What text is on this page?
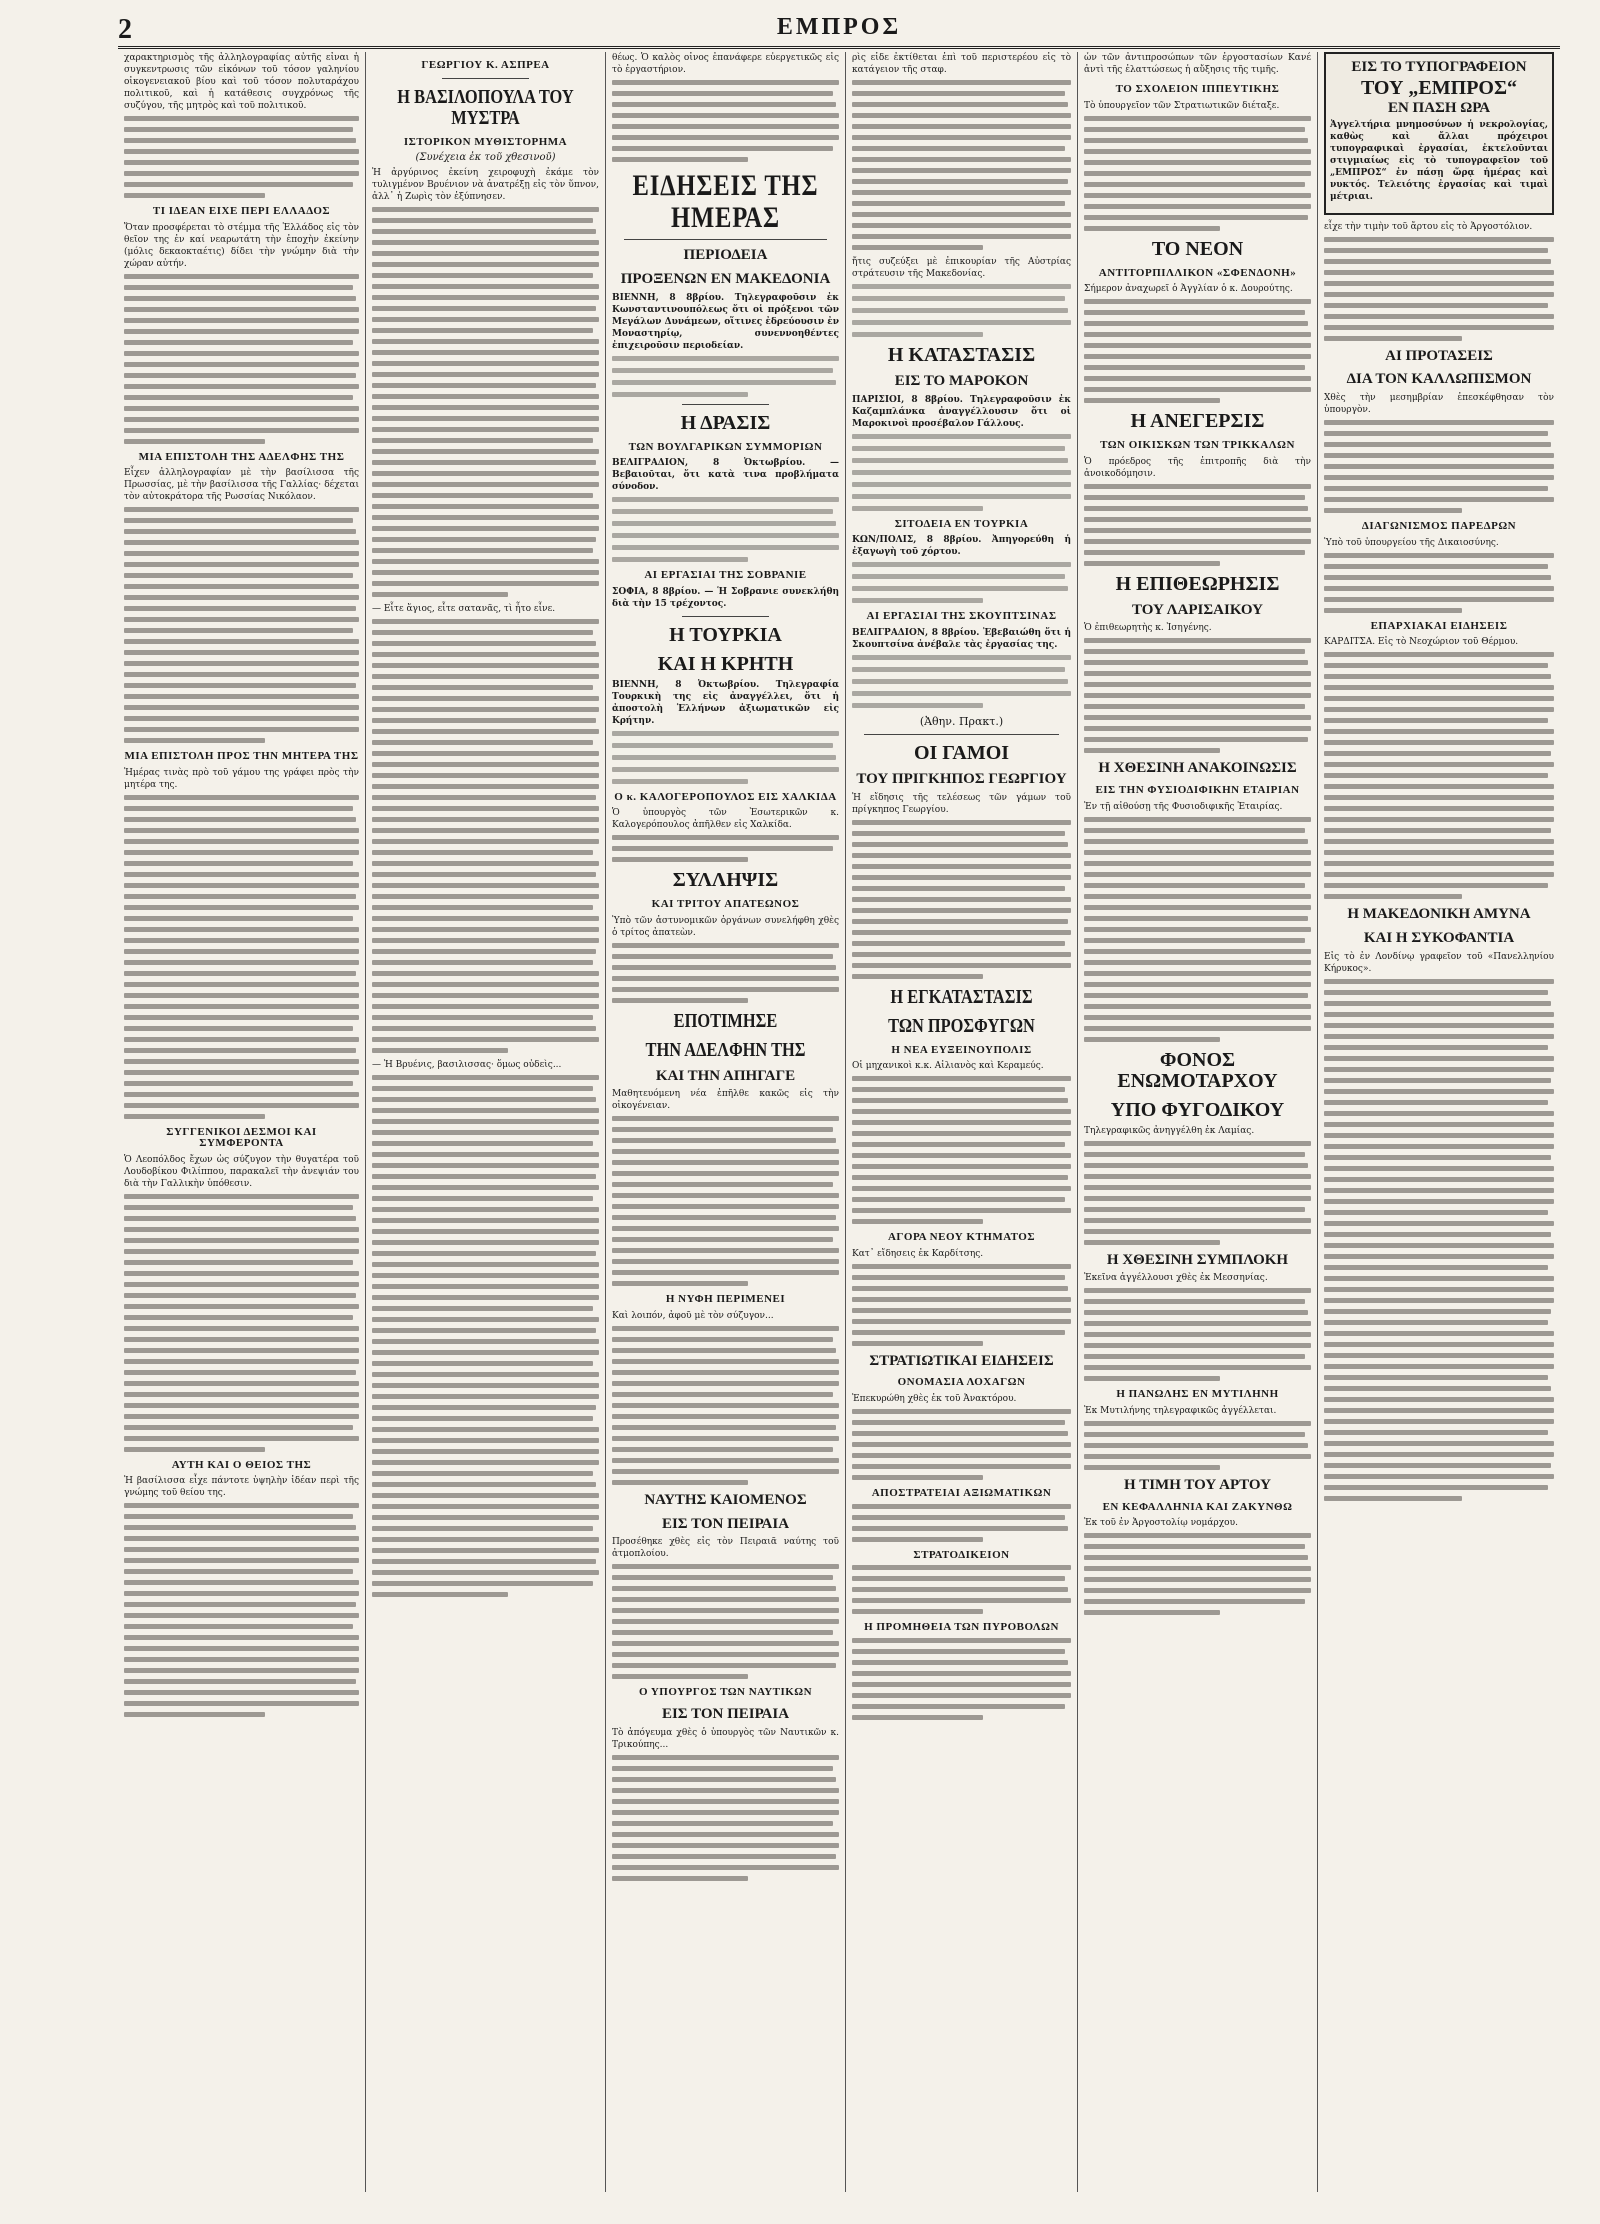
2	ΕΜΠΡΟΣ

χαρακτηρισμὸς τῆς ἀλληλογραφίας αὐτῆς εἶναι ἡ συγκεντρωσις τῶν εἰκόνων τοῦ τόσον γαληνίου οἰκογενειακοῦ βίου καὶ τοῦ τόσον πολυταράχου πολιτικοῦ, καὶ ἡ κατάθεσις συγχρόνως τῆς συζύγου, τῆς μητρὸς καὶ τοῦ πολιτικοῦ.

ΤΙ ΙΔΕΑΝ ΕΙΧΕ ΠΕΡΙ ΕΛΛΑΔΟΣ

Ὅταν προσφέρεται τὸ στέμμα τῆς Ἑλλάδος εἰς τὸν θεῖον της ἐν καί νεαρωτάτη τὴν ἐποχὴν ἐκείνην (μόλις δεκαοκταέτις) δίδει τὴν γνώμην διὰ τὴν χώραν αὐτήν.

ΜΙΑ ΕΠΙΣΤΟΛΗ ΤΗΣ ΑΔΕΛΦΗΣ ΤΗΣ

Εἶχεν ἀλληλογραφίαν μὲ τὴν βασίλισσα τῆς Πρωσσίας, μὲ τὴν βασίλισσα τῆς Γαλλίας· δέχεται τὸν αὐτοκράτορα τῆς Ρωσσίας Νικόλαον.

ΜΙΑ ΕΠΙΣΤΟΛΗ ΠΡΟΣ ΤΗΝ ΜΗΤΕΡΑ ΤΗΣ

Ἡμέρας τινὰς πρὸ τοῦ γάμου της γράφει πρὸς τὴν μητέρα της.

ΣΥΓΓΕΝΙΚΟΙ ΔΕΣΜΟΙ ΚΑΙ ΣΥΜΦΕΡΟΝΤΑ

Ὁ Λεοπόλδος ἔχων ὡς σύζυγον τὴν θυγατέρα τοῦ Λουδοβίκου Φιλίππου, παρακαλεῖ τὴν ἀνεψιάν του διὰ τὴν Γαλλικὴν ὑπόθεσιν.

ΑΥΤΗ ΚΑΙ Ο ΘΕΙΟΣ ΤΗΣ

Ἡ βασίλισσα εἶχε πάντοτε ὑψηλὴν ἰδέαν περὶ τῆς γνώμης τοῦ θείου της.

ΓΕΩΡΓΙΟΥ Κ. ΑΣΠΡΕΑ
Η ΒΑΣΙΛΟΠΟΥΛΑ ΤΟΥ ΜΥΣΤΡΑ
ΙΣΤΟΡΙΚΟΝ ΜΥΘΙΣΤΟΡΗΜΑ
(Συνέχεια ἐκ τοῦ χθεσινοῦ)

Ἡ ἀργύρινος ἐκείνη χειροφυχὴ ἐκάμε τὸν τυλιγμένον Βρυένιον νὰ ἀνατρέξῃ εἰς τὸν ὕπνον, ἀλλ᾽ ἡ Ζωρὶς τὸν ἐξύπνησεν.

— Εἶτε ἅγιος, εἶτε σατανᾶς, τὶ ἦτο εἶνε.

— Ἡ Βρυένις, βασιλισσας· ὅμως οὐδεὶς...

θέως. Ὁ καλὸς οἶνος ἐπανάφερε εὐεργετικῶς εἰς τὸ ἐργαστήριον.

ΕΙΔΗΣΕΙΣ ΤΗΣ ΗΜΕΡΑΣ
ΠΕΡΙΟΔΕΙΑ
ΠΡΟΞΕΝΩΝ ΕΝ ΜΑΚΕΔΟΝΙΑ

ΒΙΕΝΝΗ, 8 8βρίου. Τηλεγραφοῦσιν ἐκ Κωνσταντινουπόλεως ὅτι οἱ πρόξενοι τῶν Μεγάλων Δυνάμεων, οἵτινες ἐδρεύουσιν ἐν Μοναστηρίῳ, συνεννοηθέντες ἐπιχειροῦσιν περιοδείαν.

Η ΔΡΑΣΙΣ
ΤΩΝ ΒΟΥΛΓΑΡΙΚΩΝ ΣΥΜΜΟΡΙΩΝ

ΒΕΛΙΓΡΑΔΙΟΝ, 8 Ὀκτωβρίου. — Βεβαιοῦται, ὅτι κατὰ τινα προβλήματα σύνοδον.

ΑΙ ΕΡΓΑΣΙΑΙ ΤΗΣ ΣΟΒΡΑΝΙΕ

ΣΟΦΙΑ, 8 8βρίου. — Ἡ Σοβρανιε συνεκλήθη διὰ τὴν 15 τρέχοντος.

Η ΤΟΥΡΚΙΑ
ΚΑΙ Η ΚΡΗΤΗ

ΒΙΕΝΝΗ, 8 Ὀκτωβρίου. Τηλεγραφία Τουρκικὴ της εἰς ἀναγγέλλει, ὅτι ἡ ἀποστολὴ Ἑλλήνων ἀξιωματικῶν εἰς Κρήτην.

Ο κ. ΚΑΛΟΓΕΡΟΠΟΥΛΟΣ ΕΙΣ ΧΑΛΚΙΔΑ

Ὁ ὑπουργὸς τῶν Ἐσωτερικῶν κ. Καλογερόπουλος ἀπῆλθεν εἰς Χαλκίδα.

ΣΥΛΛΗΨΙΣ
ΚΑΙ ΤΡΙΤΟΥ ΑΠΑΤΕΩΝΟΣ

Ὑπὸ τῶν ἀστυνομικῶν ὀργάνων συνελήφθη χθὲς ὁ τρίτος ἀπατεὼν.

ΕΠΟΤΙΜΗΣΕ
ΤΗΝ ΑΔΕΛΦΗΝ ΤΗΣ
ΚΑΙ ΤΗΝ ΑΠΗΓΑΓΕ

Μαθητευόμενη νέα ἐπῆλθε κακῶς εἰς τὴν οἰκογένειαν.

Η ΝΥΦΗ ΠΕΡΙΜΕΝΕΙ

Καὶ λοιπόν, ἀφοῦ μὲ τὸν σύζυγον...

ΝΑΥΤΗΣ ΚΑΙΟΜΕΝΟΣ
ΕΙΣ ΤΟΝ ΠΕΙΡΑΙΑ

Προσέθηκε χθὲς εἰς τὸν Πειραιᾶ ναύτης τοῦ ἀτμοπλοίου.

Ο ΥΠΟΥΡΓΟΣ ΤΩΝ ΝΑΥΤΙΚΩΝ
ΕΙΣ ΤΟΝ ΠΕΙΡΑΙΑ

Τὸ ἀπόγευμα χθὲς ὁ ὑπουργὸς τῶν Ναυτικῶν κ. Τρικούπης...

ρὶς εἶδε ἐκτίθεται ἐπὶ τοῦ περιστερέου εἰς τὸ κατάγειον τῆς σταφ.

ἤτις συζεύξει μὲ ἐπικουρίαν τῆς Αὐστρίας στράτευσιν τῆς Μακεδονίας.

Η ΚΑΤΑΣΤΑΣΙΣ
ΕΙΣ ΤΟ ΜΑΡΟΚΟΝ

ΠΑΡΙΣΙΟΙ, 8 8βρίου. Τηλεγραφοῦσιν ἐκ Καζαμπλάνκα ἀναγγέλλουσιν ὅτι οἱ Μαροκινοὶ προσέβαλον Γάλλους.

ΣΙΤΟΔΕΙΑ ΕΝ ΤΟΥΡΚΙΑ

ΚΩΝ/ΠΟΛΙΣ, 8 8βρίου. Ἀπηγορεύθη ἡ ἐξαγωγὴ τοῦ χόρτου.

ΑΙ ΕΡΓΑΣΙΑΙ ΤΗΣ ΣΚΟΥΠΤΣΙΝΑΣ

ΒΕΛΙΓΡΑΔΙΟΝ, 8 8βρίου. Ἐβεβαιώθη ὅτι ἡ Σκουπτσίνα ἀνέβαλε τὰς ἐργασίας της.

(Ἀθην. Πρακτ.)
ΟΙ ΓΑΜΟΙ
ΤΟΥ ΠΡΙΓΚΗΠΟΣ ΓΕΩΡΓΙΟΥ

Ἡ εἴδησις τῆς τελέσεως τῶν γάμων τοῦ πρίγκηπος Γεωργίου.

Η ΕΓΚΑΤΑΣΤΑΣΙΣ
ΤΩΝ ΠΡΟΣΦΥΓΩΝ
Η ΝΕΑ ΕΥΞΕΙΝΟΥΠΟΛΙΣ

Οἱ μηχανικοὶ κ.κ. Αἰλιανὸς καὶ Κεραμεύς.

ΑΓΟΡΑ ΝΕΟΥ ΚΤΗΜΑΤΟΣ

Κατ᾽ εἴδησεις ἐκ Καρδίτσης.

ΣΤΡΑΤΙΩΤΙΚΑΙ ΕΙΔΗΣΕΙΣ
ΟΝΟΜΑΣΙΑ ΛΟΧΑΓΩΝ

Ἐπεκυρώθη χθὲς ἐκ τοῦ Ἀνακτόρου.

ΑΠΟΣΤΡΑΤΕΙΑΙ ΑΞΙΩΜΑΤΙΚΩΝ
ΣΤΡΑΤΟΔΙΚΕΙΟΝ
Η ΠΡΟΜΗΘΕΙΑ ΤΩΝ ΠΥΡΟΒΟΛΩΝ

ὧν τῶν ἀντιπροσώπων τῶν ἐργοστασίων Κανέ ἀντὶ τῆς ἐλαττώσεως ἡ αὔξησις τῆς τιμῆς.

ΤΟ ΣΧΟΛΕΙΟΝ ΙΠΠΕΥΤΙΚΗΣ

Τὸ ὑπουργεῖον τῶν Στρατιωτικῶν διέταξε.

ΤΟ ΝΕΟΝ
ΑΝΤΙΤΟΡΠΙΛΛΙΚΟΝ «ΣΦΕΝΔΟΝΗ»

Σήμερον ἀναχωρεῖ ὁ Ἀγγλίαν ὁ κ. Δουρούτης.

Η ΑΝΕΓΕΡΣΙΣ
ΤΩΝ ΟΙΚΙΣΚΩΝ ΤΩΝ ΤΡΙΚΚΑΛΩΝ

Ὁ πρόεδρος τῆς ἐπιτροπῆς διὰ τὴν ἀνοικοδόμησιν.

Η ΕΠΙΘΕΩΡΗΣΙΣ
ΤΟΥ ΛΑΡΙΣΑΙΚΟΥ

Ὁ ἐπιθεωρητὴς κ. Ἰσηγένης.

Η ΧΘΕΣΙΝΗ ΑΝΑΚΟΙΝΩΣΙΣ
ΕΙΣ ΤΗΝ ΦΥΣΙΟΔΙΦΙΚΗΝ ΕΤΑΙΡΙΑΝ

Ἐν τῇ αἰθούσῃ τῆς Φυσιοδιφικῆς Ἑταιρίας.

ΦΟΝΟΣ ΕΝΩΜΟΤΑΡΧΟΥ
ΥΠΟ ΦΥΓΟΔΙΚΟΥ

Τηλεγραφικῶς ἀνηγγέλθη ἐκ Λαμίας.

Η ΧΘΕΣΙΝΗ ΣΥΜΠΛΟΚΗ

Ἐκεῖνα ἀγγέλλουσι χθὲς ἐκ Μεσσηνίας.

Η ΠΑΝΩΛΗΣ ΕΝ ΜΥΤΙΛΗΝΗ

Ἐκ Μυτιλήνης τηλεγραφικῶς ἀγγέλλεται.

Η ΤΙΜΗ ΤΟΥ ΑΡΤΟΥ
ΕΝ ΚΕΦΑΛΛΗΝΙΑ ΚΑΙ ΖΑΚΥΝΘΩ

Ἐκ τοῦ ἐν Ἀργοστολίῳ νομάρχου.

ΕΙΣ ΤΟ ΤΥΠΟΓΡΑΦΕΙΟΝ
ΤΟΥ „ΕΜΠΡΟΣ“
ΕΝ ΠΑΣΗ ΩΡΑ

Ἀγγελτήρια μνημοσύνων ἡ νεκρολογίας, καθὼς καὶ ἄλλαι πρόχειροι τυπογραφικαὶ ἐργασίαι, ἐκτελοῦνται στιγμιαίως εἰς τὸ τυπογραφεῖον τοῦ „ΕΜΠΡΟΣ“ ἐν πάσῃ ὥρᾳ ἡμέρας καὶ νυκτός. Τελειότης ἐργασίας καὶ τιμαὶ μέτριαι.

εἶχε τὴν τιμὴν τοῦ ἄρτου εἰς τὸ Ἀργοστόλιον.

ΑΙ ΠΡΟΤΑΣΕΙΣ
ΔΙΑ ΤΟΝ ΚΑΛΛΩΠΙΣΜΟΝ

Χθὲς τὴν μεσημβρίαν ἐπεσκέφθησαν τὸν ὑπουργὸν.

ΔΙΑΓΩΝΙΣΜΟΣ ΠΑΡΕΔΡΩΝ

Ὑπὸ τοῦ ὑπουργείου τῆς Δικαιοσύνης.

ΕΠΑΡΧΙΑΚΑΙ ΕΙΔΗΣΕΙΣ

ΚΑΡΔΙΤΣΑ. Εἰς τὸ Νεοχώριον τοῦ Θέρμου.

Η ΜΑΚΕΔΟΝΙΚΗ ΑΜΥΝΑ
ΚΑΙ Η ΣΥΚΟΦΑΝΤΙΑ

Εἰς τὸ ἐν Λονδίνῳ γραφεῖον τοῦ «Πανελληνίου Κήρυκος».
